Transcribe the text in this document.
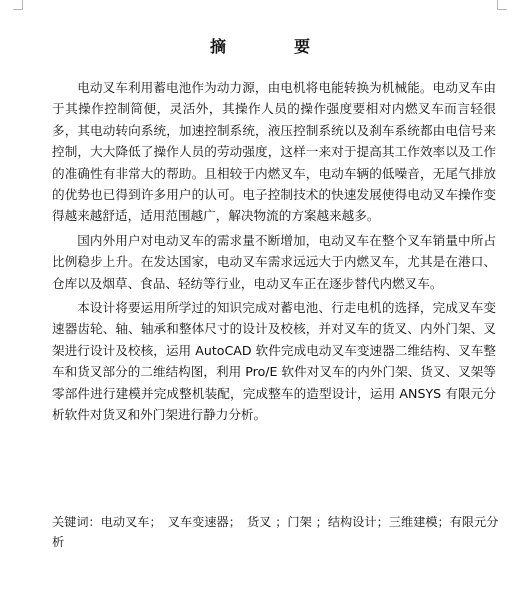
摘　要

电动叉车利用蓄电池作为动力源，由电机将电能转换为机械能。电动叉车由于其操作控制简便，灵活外，其操作人员的操作强度要相对内燃叉车而言轻很多，其电动转向系统，加速控制系统，液压控制系统以及刹车系统都由电信号来控制，大大降低了操作人员的劳动强度，这样一来对于提高其工作效率以及工作的准确性有非常大的帮助。且相较于内燃叉车，电动车辆的低噪音，无尾气排放的优势也已得到许多用户的认可。电子控制技术的快速发展使得电动叉车操作变得越来越舒适，适用范围越广，解决物流的方案越来越多。

国内外用户对电动叉车的需求量不断增加，电动叉车在整个叉车销量中所占比例稳步上升。在发达国家，电动叉车需求远远大于内燃叉车，尤其是在港口、仓库以及烟草、食品、轻纺等行业，电动叉车正在逐步替代内燃叉车。

本设计将要运用所学过的知识完成对蓄电池、行走电机的选择，完成叉车变速器齿轮、轴、轴承和整体尺寸的设计及校核，并对叉车的货叉、内外门架、叉架进行设计及校核，运用 AutoCAD 软件完成电动叉车变速器二维结构、叉车整车和货叉部分的二维结构图，利用 Pro/E 软件对叉车的内外门架、货叉、叉架等零部件进行建模并完成整机装配，完成整车的造型设计，运用 ANSYS 有限元分析软件对货叉和外门架进行静力分析。

关键词：电动叉车；　叉车变速器；　货叉 ；门架 ；结构设计；三维建模；有限元分析
